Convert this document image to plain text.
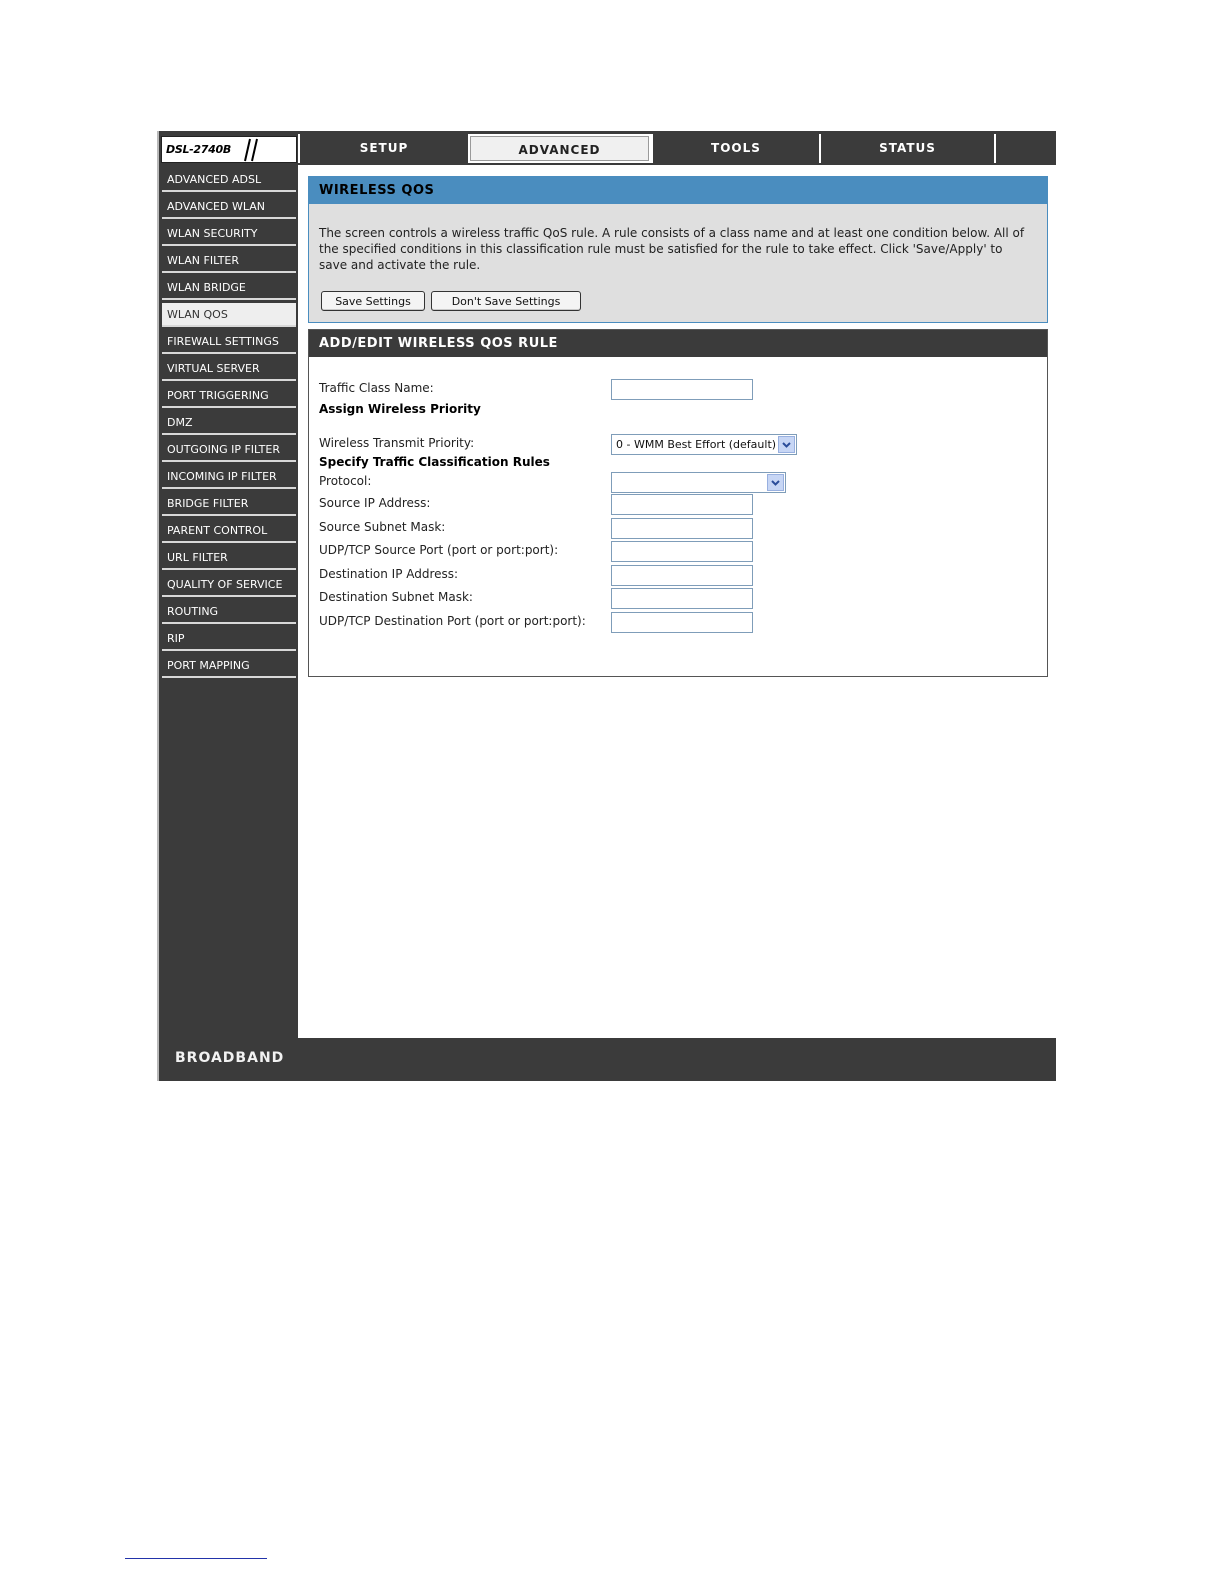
DSL-2740B	SETUP	ADVANCED	TOOLS	STATUS
ADVANCED ADSL
ADVANCED WLAN
WLAN SECURITY
WLAN FILTER
WLAN BRIDGE
WLAN QOS
FIREWALL SETTINGS
VIRTUAL SERVER
PORT TRIGGERING
DMZ
OUTGOING IP FILTER
INCOMING IP FILTER
BRIDGE FILTER
PARENT CONTROL
URL FILTER
QUALITY OF SERVICE
ROUTING
RIP
PORT MAPPING
WIRELESS QOS
The screen controls a wireless traffic QoS rule. A rule consists of a class name and at least one condition below. All of the specified conditions in this classification rule must be satisfied for the rule to take effect. Click 'Save/Apply' to save and activate the rule.
Save Settings	Don't Save Settings
ADD/EDIT WIRELESS QOS RULE
Traffic Class Name:
Assign Wireless Priority
Wireless Transmit Priority:	0 - WMM Best Effort (default)
Specify Traffic Classification Rules
Protocol:
Source IP Address:
Source Subnet Mask:
UDP/TCP Source Port (port or port:port):
Destination IP Address:
Destination Subnet Mask:
UDP/TCP Destination Port (port or port:port):
BROADBAND
